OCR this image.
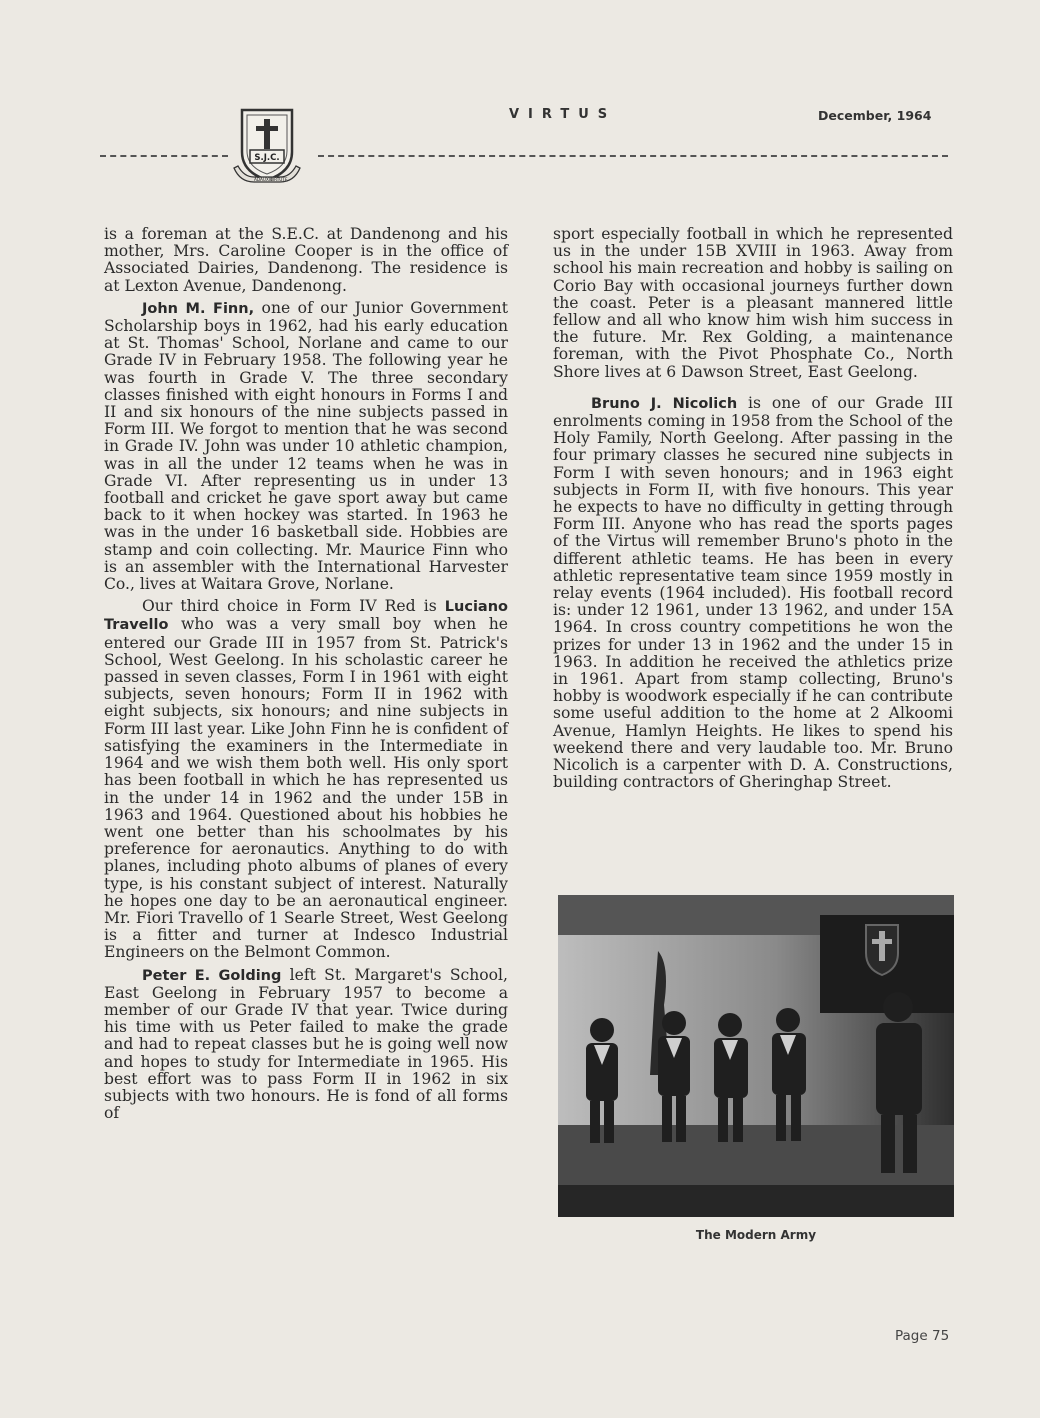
VIRTUS	December, 1964
S.J.C.
ADAUXIA
VIRTUTE

is a foreman at the S.E.C. at Dandenong and his mother, Mrs. Caroline Cooper is in the office of Associated Dairies, Dandenong. The residence is at Lexton Avenue, Dandenong.

John M. Finn, one of our Junior Government Scholarship boys in 1962, had his early education at St. Thomas' School, Norlane and came to our Grade IV in February 1958. The following year he was fourth in Grade V. The three secondary classes finished with eight honours in Forms I and II and six honours of the nine subjects passed in Form III. We forgot to mention that he was second in Grade IV. John was under 10 athletic champion, was in all the under 12 teams when he was in Grade VI. After representing us in under 13 football and cricket he gave sport away but came back to it when hockey was started. In 1963 he was in the under 16 basketball side. Hobbies are stamp and coin collecting. Mr. Maurice Finn who is an assembler with the International Harvester Co., lives at Waitara Grove, Norlane.

Our third choice in Form IV Red is Luciano Travello who was a very small boy when he entered our Grade III in 1957 from St. Patrick's School, West Geelong. In his scholastic career he passed in seven classes, Form I in 1961 with eight subjects, seven honours; Form II in 1962 with eight subjects, six honours; and nine subjects in Form III last year. Like John Finn he is confident of satisfying the examiners in the Intermediate in 1964 and we wish them both well. His only sport has been football in which he has represented us in the under 14 in 1962 and the under 15B in 1963 and 1964. Questioned about his hobbies he went one better than his schoolmates by his preference for aeronautics. Anything to do with planes, including photo albums of planes of every type, is his constant subject of interest. Naturally he hopes one day to be an aeronautical engineer. Mr. Fiori Travello of 1 Searle Street, West Geelong is a fitter and turner at Indesco Industrial Engineers on the Belmont Common.

Peter E. Golding left St. Margaret's School, East Geelong in February 1957 to become a member of our Grade IV that year. Twice during his time with us Peter failed to make the grade and had to repeat classes but he is going well now and hopes to study for Intermediate in 1965. His best effort was to pass Form II in 1962 in six subjects with two honours. He is fond of all forms of

sport especially football in which he represented us in the under 15B XVIII in 1963. Away from school his main recreation and hobby is sailing on Corio Bay with occasional journeys further down the coast. Peter is a pleasant mannered little fellow and all who know him wish him success in the future. Mr. Rex Golding, a maintenance foreman, with the Pivot Phosphate Co., North Shore lives at 6 Dawson Street, East Geelong.

Bruno J. Nicolich is one of our Grade III enrolments coming in 1958 from the School of the Holy Family, North Geelong. After passing in the four primary classes he secured nine subjects in Form I with seven honours; and in 1963 eight subjects in Form II, with five honours. This year he expects to have no difficulty in getting through Form III. Anyone who has read the sports pages of the Virtus will remember Bruno's photo in the different athletic teams. He has been in every athletic representative team since 1959 mostly in relay events (1964 included). His football record is: under 12 1961, under 13 1962, and under 15A 1964. In cross country competitions he won the prizes for under 13 in 1962 and the under 15 in 1963. In addition he received the athletics prize in 1961. Apart from stamp collecting, Bruno's hobby is woodwork especially if he can contribute some useful addition to the home at 2 Alkoomi Avenue, Hamlyn Heights. He likes to spend his weekend there and very laudable too. Mr. Bruno Nicolich is a carpenter with D. A. Constructions, building contractors of Gheringhap Street.

The Modern Army
Page 75
